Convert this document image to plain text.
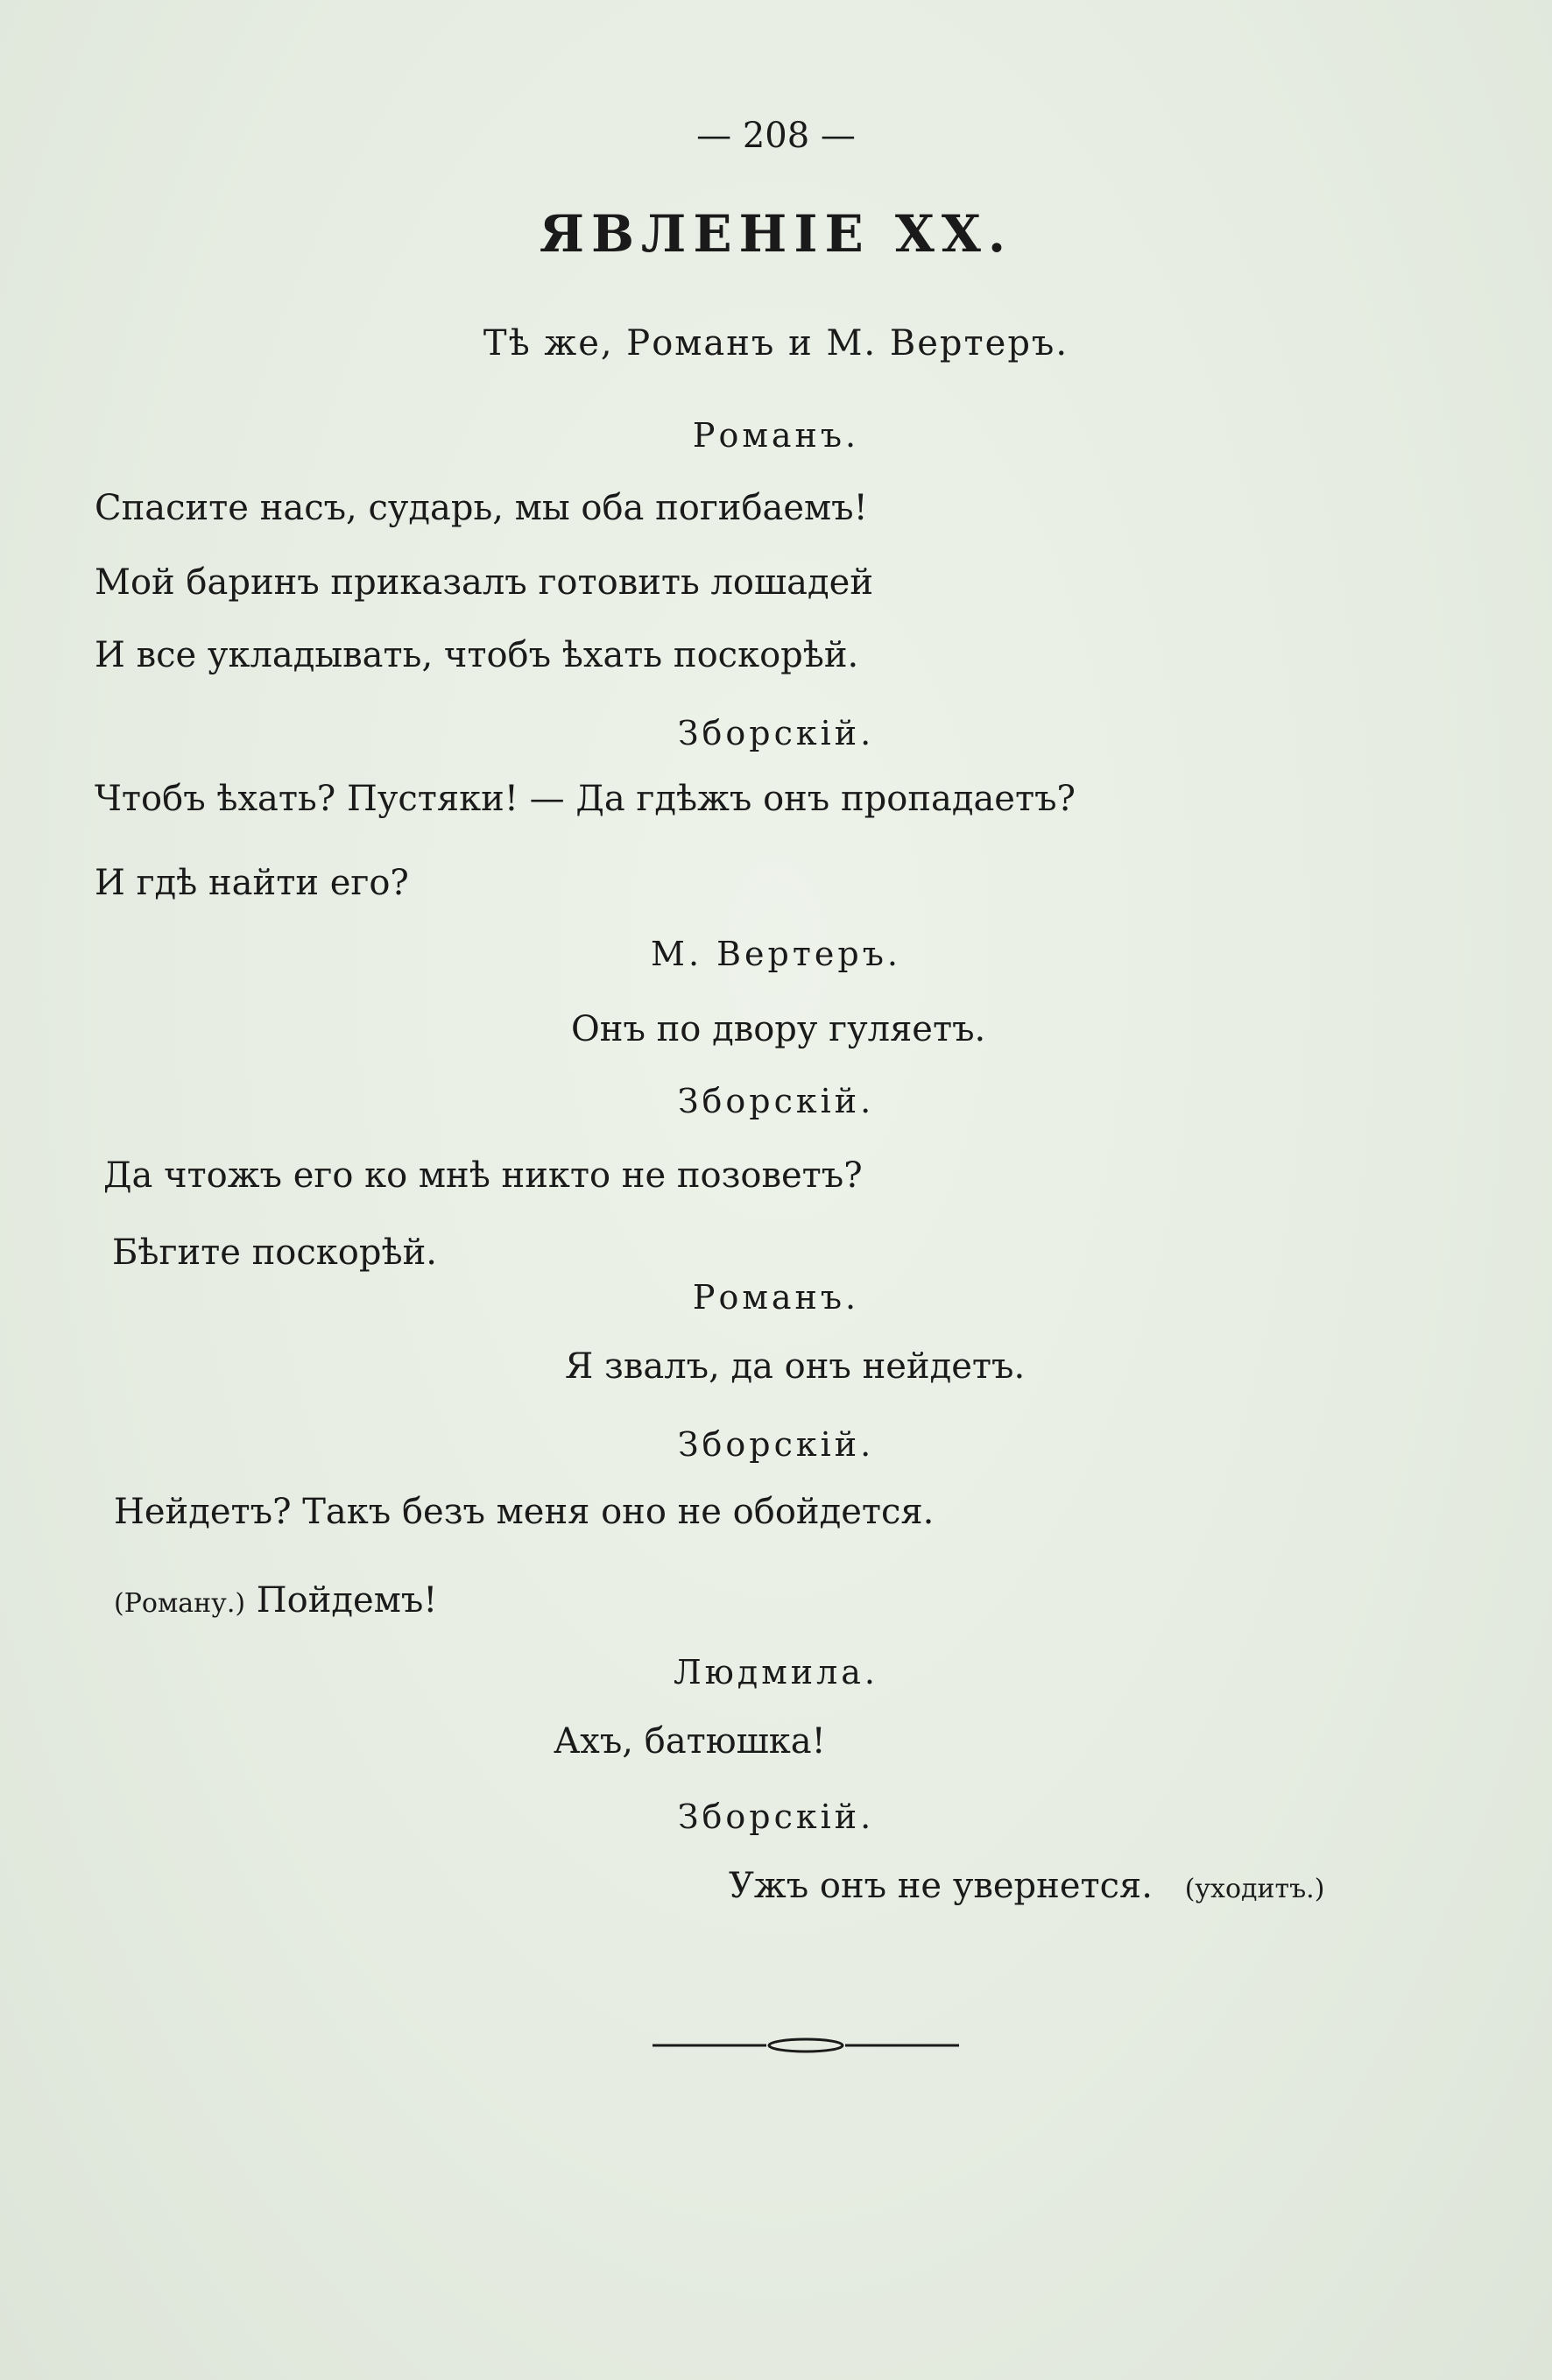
— 208 —
ЯВЛЕНІЕ XX.
Тѣ же, Романъ и М. Вертеръ.
Романъ.
Спасите насъ, сударь, мы оба погибаемъ!
Мой баринъ приказалъ готовить лошадей
И все укладывать, чтобъ ѣхать поскорѣй.
Зборскій.
Чтобъ ѣхать? Пустяки! — Да гдѣжъ онъ пропадаетъ?
И гдѣ найти его?
М. Вертеръ.
Онъ по двору гуляетъ.
Зборскій.
Да чтожъ его ко мнѣ никто не позоветъ?
Бѣгите поскорѣй.
Романъ.
Я звалъ, да онъ нейдетъ.
Зборскій.
Нейдетъ? Такъ безъ меня оно не обойдется.
(Роману.) Пойдемъ!
Людмила.
Ахъ, батюшка!
Зборскій.
Ужъ онъ не увернется. (уходитъ.)
